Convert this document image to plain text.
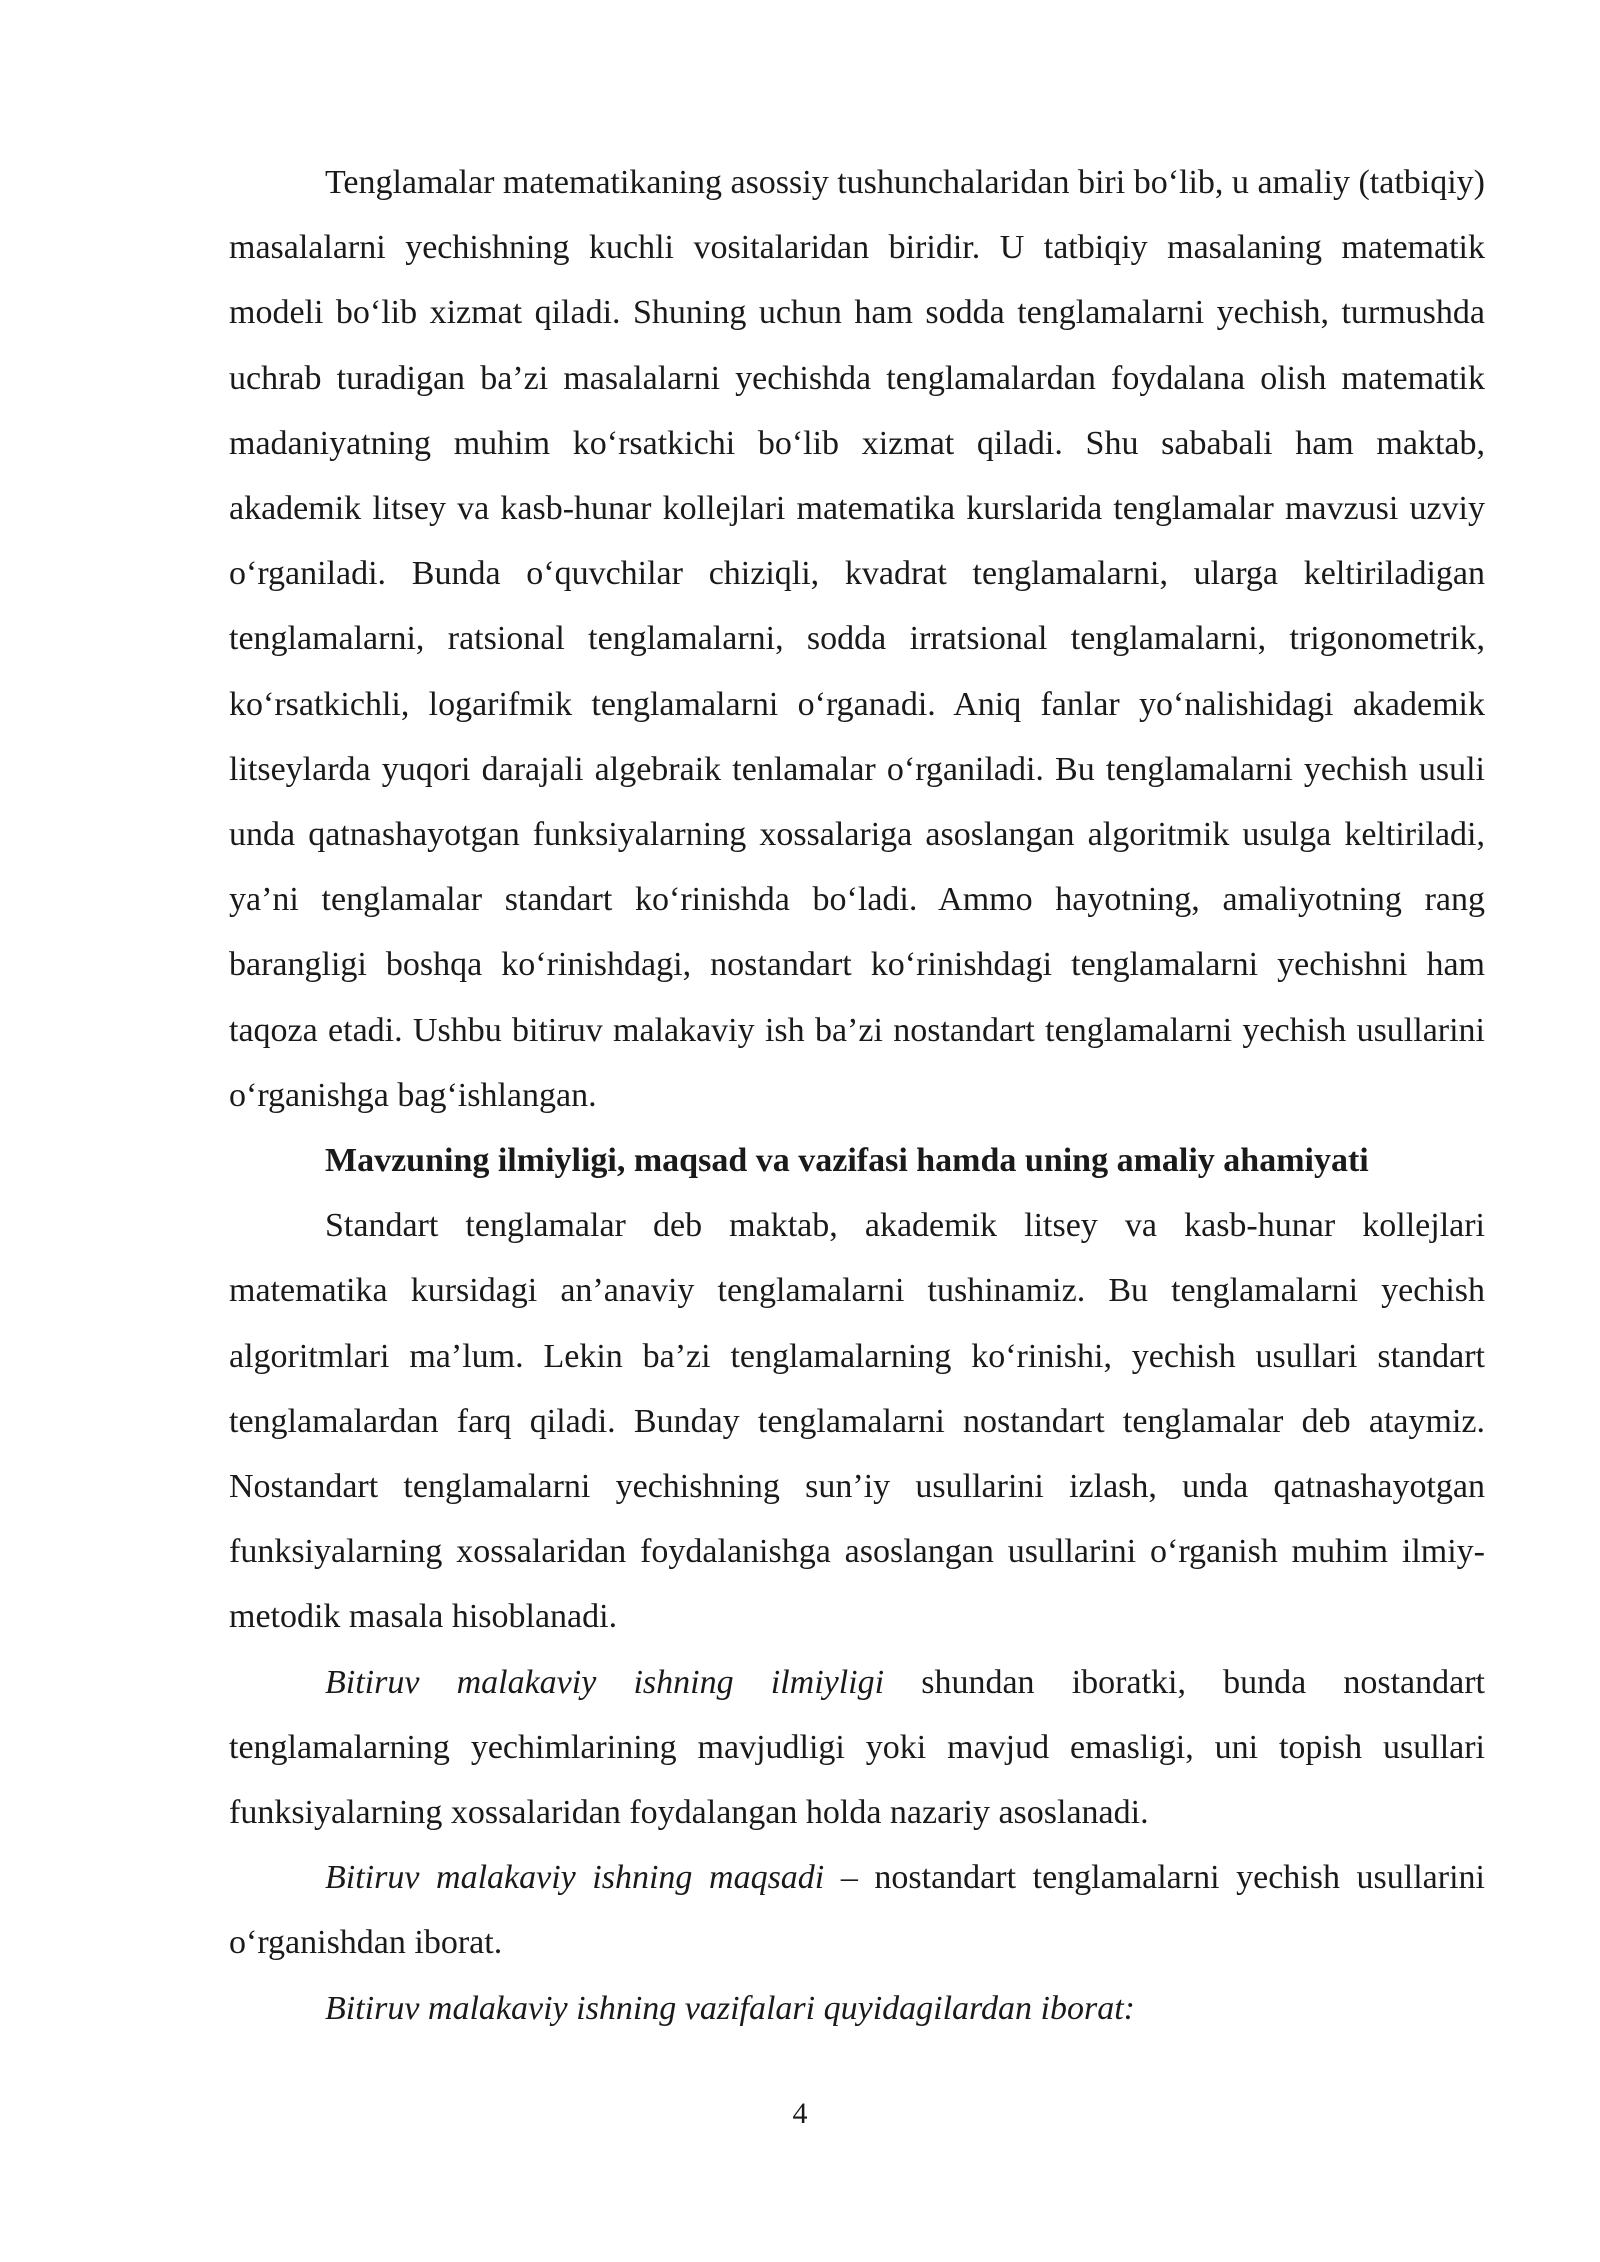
Tenglamalar matematikaning asossiy tushunchalaridan biri bo‘lib, u amaliy (tatbiqiy) masalalarni yechishning kuchli vositalaridan biridir. U tatbiqiy masalaning matematik modeli bo‘lib xizmat qiladi. Shuning uchun ham sodda tenglamalarni yechish, turmushda uchrab turadigan ba’zi masalalarni yechishda tenglamalardan foydalana olish matematik madaniyatning muhim ko‘rsatkichi bo‘lib xizmat qiladi. Shu sababali ham maktab, akademik litsey va kasb-hunar kollejlari matematika kurslarida tenglamalar mavzusi uzviy o‘rganiladi. Bunda o‘quvchilar chiziqli, kvadrat tenglamalarni, ularga keltiriladigan tenglamalarni, ratsional tenglamalarni, sodda irratsional tenglamalarni, trigonometrik, ko‘rsatkichli, logarifmik tenglamalarni o‘rganadi. Aniq fanlar yo‘nalishidagi akademik litseylarda yuqori darajali algebraik tenlamalar o‘rganiladi. Bu tenglamalarni yechish usuli unda qatnashayotgan funksiyalarning xossalariga asoslangan algoritmik usulga keltiriladi, ya’ni tenglamalar standart ko‘rinishda bo‘ladi. Ammo hayotning, amaliyotning rang barangligi boshqa ko‘rinishdagi, nostandart ko‘rinishdagi tenglamalarni yechishni ham taqoza etadi. Ushbu bitiruv malakaviy ish ba’zi nostandart tenglamalarni yechish usullarini o‘rganishga bag‘ishlangan.

Mavzuning ilmiyligi, maqsad va vazifasi hamda uning amaliy ahamiyati

Standart tenglamalar deb maktab, akademik litsey va kasb-hunar kollejlari matematika kursidagi an’anaviy tenglamalarni tushinamiz. Bu tenglamalarni yechish algoritmlari ma’lum. Lekin ba’zi tenglamalarning ko‘rinishi, yechish usullari standart tenglamalardan farq qiladi. Bunday tenglamalarni nostandart tenglamalar deb ataymiz. Nostandart tenglamalarni yechishning sun’iy usullarini izlash, unda qatnashayotgan funksiyalarning xossalaridan foydalanishga asoslangan usullarini o‘rganish muhim ilmiy-metodik masala hisoblanadi.

Bitiruv malakaviy ishning ilmiyligi shundan iboratki, bunda nostandart tenglamalarning yechimlarining mavjudligi yoki mavjud emasligi, uni topish usullari funksiyalarning xossalaridan foydalangan holda nazariy asoslanadi.

Bitiruv malakaviy ishning maqsadi – nostandart tenglamalarni yechish usullarini o‘rganishdan iborat.

Bitiruv malakaviy ishning vazifalari quyidagilardan iborat:

4
